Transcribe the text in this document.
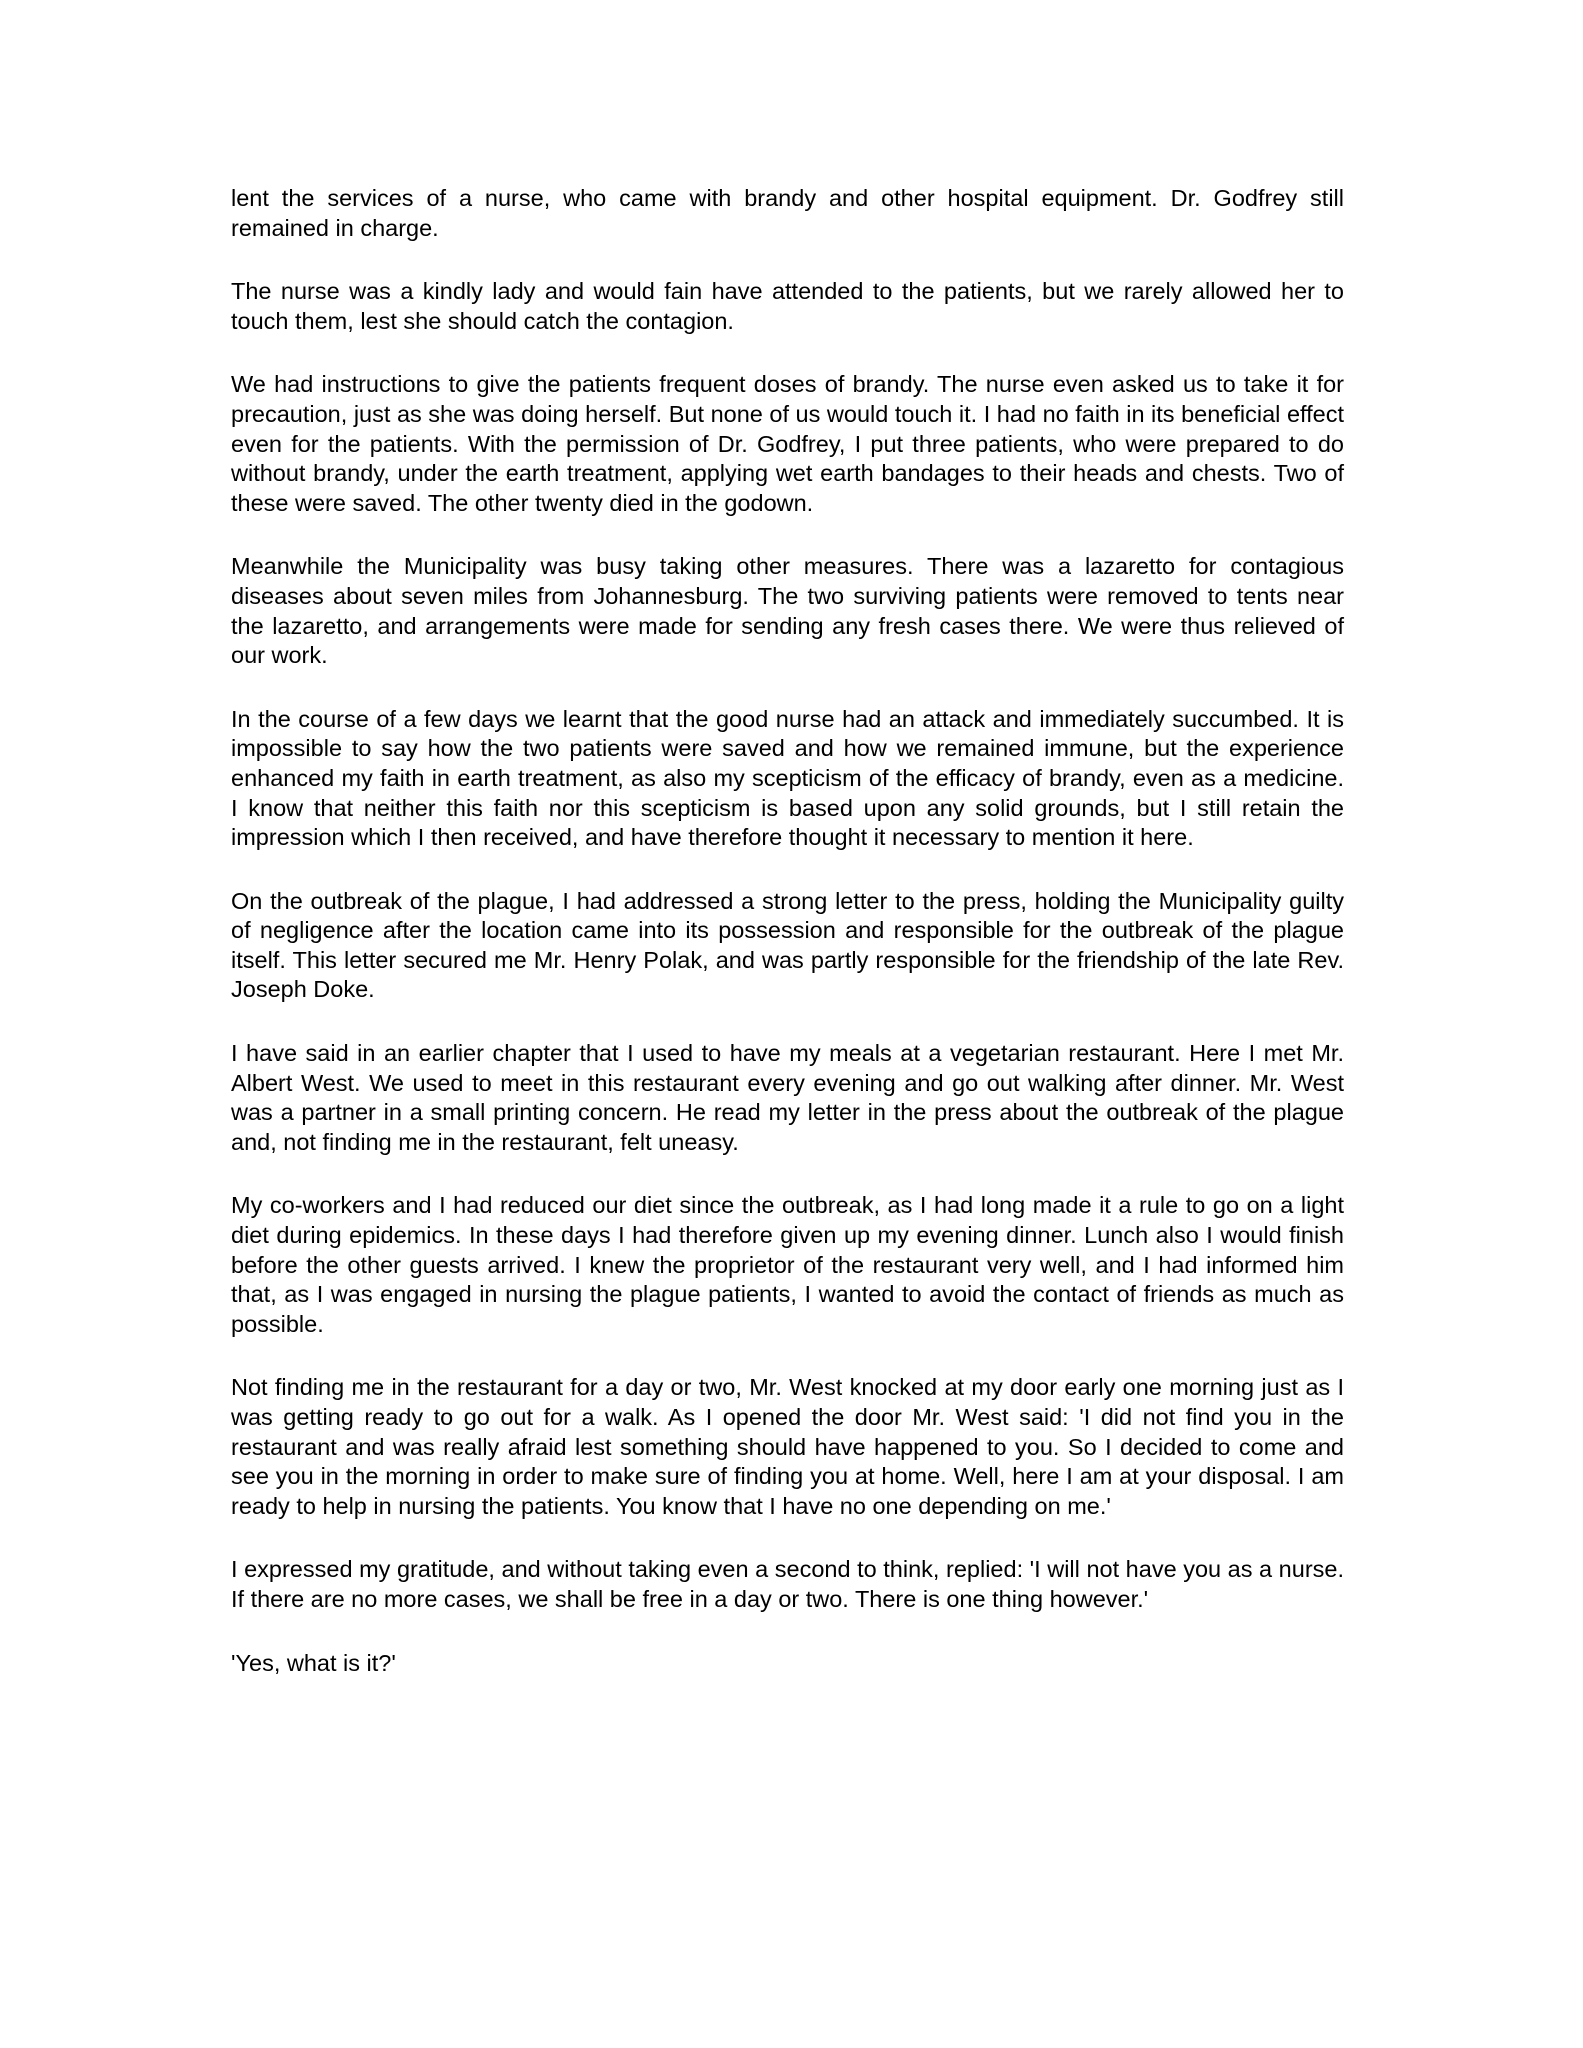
lent the services of a nurse, who came with brandy and other hospital equipment. Dr. Godfrey still remained in charge.

The nurse was a kindly lady and would fain have attended to the patients, but we rarely allowed her to touch them, lest she should catch the contagion.

We had instructions to give the patients frequent doses of brandy. The nurse even asked us to take it for precaution, just as she was doing herself. But none of us would touch it. I had no faith in its beneficial effect even for the patients. With the permission of Dr. Godfrey, I put three patients, who were prepared to do without brandy, under the earth treatment, applying wet earth bandages to their heads and chests. Two of these were saved. The other twenty died in the godown.

Meanwhile the Municipality was busy taking other measures. There was a lazaretto for contagious diseases about seven miles from Johannesburg. The two surviving patients were removed to tents near the lazaretto, and arrangements were made for sending any fresh cases there. We were thus relieved of our work.

In the course of a few days we learnt that the good nurse had an attack and immediately succumbed. It is impossible to say how the two patients were saved and how we remained immune, but the experience enhanced my faith in earth treatment, as also my scepticism of the efficacy of brandy, even as a medicine. I know that neither this faith nor this scepticism is based upon any solid grounds, but I still retain the impression which I then received, and have therefore thought it necessary to mention it here.

On the outbreak of the plague, I had addressed a strong letter to the press, holding the Municipality guilty of negligence after the location came into its possession and responsible for the outbreak of the plague itself. This letter secured me Mr. Henry Polak, and was partly responsible for the friendship of the late Rev. Joseph Doke.

I have said in an earlier chapter that I used to have my meals at a vegetarian restaurant. Here I met Mr. Albert West. We used to meet in this restaurant every evening and go out walking after dinner. Mr. West was a partner in a small printing concern. He read my letter in the press about the outbreak of the plague and, not finding me in the restaurant, felt uneasy.

My co-workers and I had reduced our diet since the outbreak, as I had long made it a rule to go on a light diet during epidemics. In these days I had therefore given up my evening dinner. Lunch also I would finish before the other guests arrived. I knew the proprietor of the restaurant very well, and I had informed him that, as I was engaged in nursing the plague patients, I wanted to avoid the contact of friends as much as possible.

Not finding me in the restaurant for a day or two, Mr. West knocked at my door early one morning just as I was getting ready to go out for a walk. As I opened the door Mr. West said: 'I did not find you in the restaurant and was really afraid lest something should have happened to you. So I decided to come and see you in the morning in order to make sure of finding you at home. Well, here I am at your disposal. I am ready to help in nursing the patients. You know that I have no one depending on me.'

I expressed my gratitude, and without taking even a second to think, replied: 'I will not have you as a nurse. If there are no more cases, we shall be free in a day or two. There is one thing however.'

'Yes, what is it?'
